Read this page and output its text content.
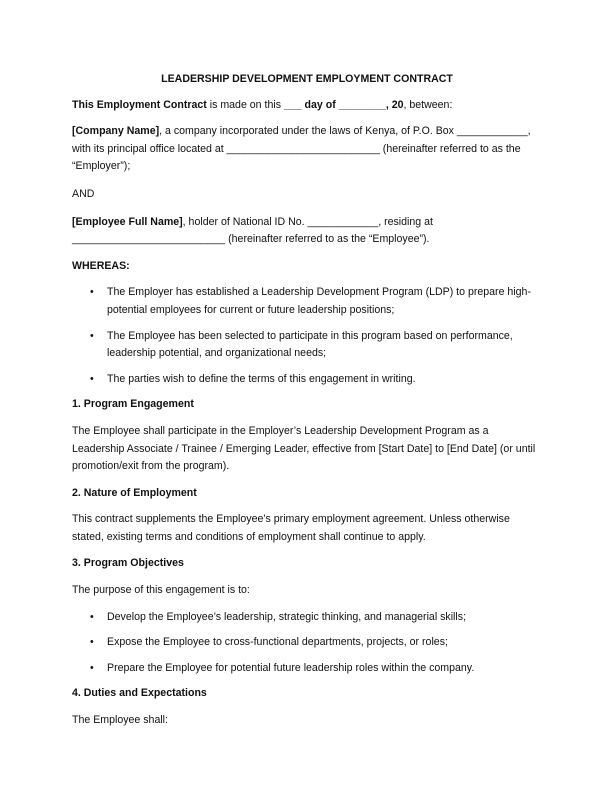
LEADERSHIP DEVELOPMENT EMPLOYMENT CONTRACT

This Employment Contract is made on this ___ day of ________, 20, between:

[Company Name], a company incorporated under the laws of Kenya, of P.O. Box ____________, with its principal office located at __________________________ (hereinafter referred to as the “Employer”);

AND

[Employee Full Name], holder of National ID No. ____________, residing at __________________________ (hereinafter referred to as the “Employee”).

WHEREAS:

• The Employer has established a Leadership Development Program (LDP) to prepare high-potential employees for current or future leadership positions;
• The Employee has been selected to participate in this program based on performance, leadership potential, and organizational needs;
• The parties wish to define the terms of this engagement in writing.

1. Program Engagement

The Employee shall participate in the Employer’s Leadership Development Program as a Leadership Associate / Trainee / Emerging Leader, effective from [Start Date] to [End Date] (or until promotion/exit from the program).

2. Nature of Employment

This contract supplements the Employee’s primary employment agreement. Unless otherwise stated, existing terms and conditions of employment shall continue to apply.

3. Program Objectives

The purpose of this engagement is to:

• Develop the Employee’s leadership, strategic thinking, and managerial skills;
• Expose the Employee to cross-functional departments, projects, or roles;
• Prepare the Employee for potential future leadership roles within the company.

4. Duties and Expectations

The Employee shall:
